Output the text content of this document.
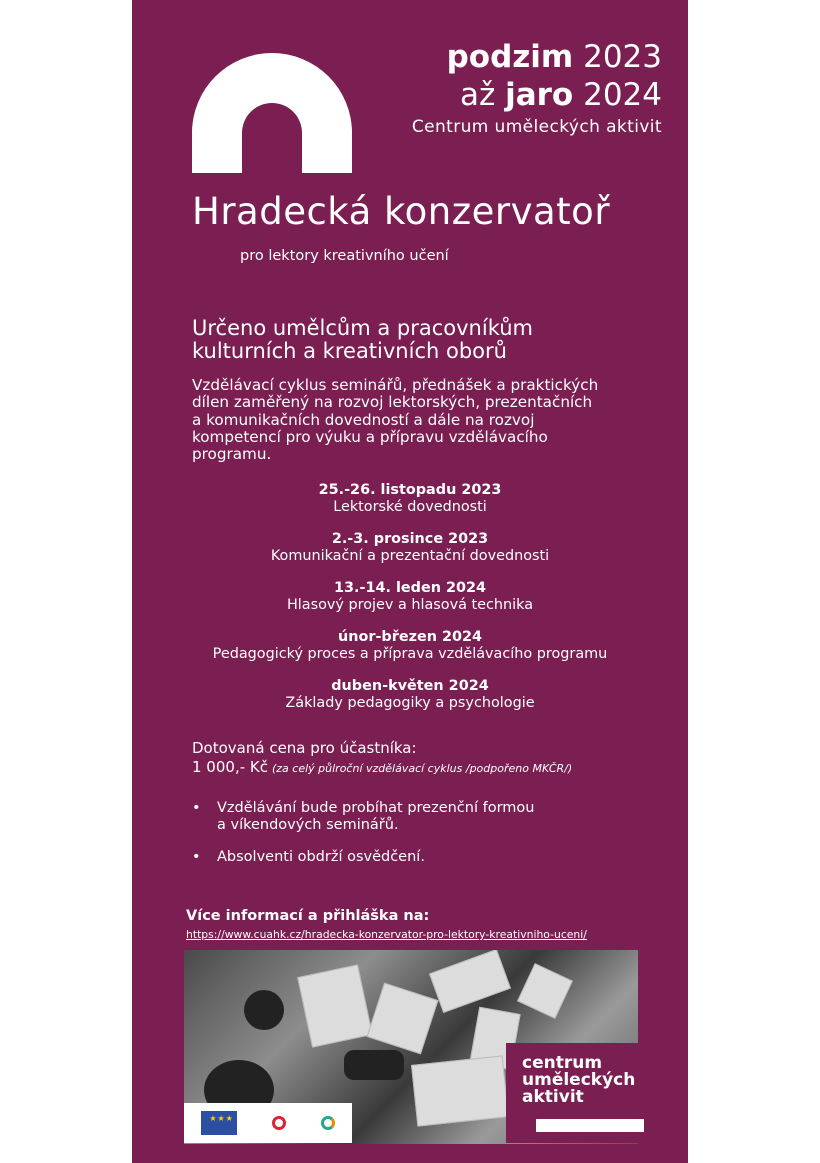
podzim 2023
až jaro 2024
Centrum uměleckých aktivit
Hradecká konzervatoř
pro lektory kreativního učení
Určeno umělcům a pracovníkům
kulturních a kreativních oborů
Vzdělávací cyklus seminářů, přednášek a praktických
dílen zaměřený na rozvoj lektorských, prezentačních
a komunikačních dovedností a dále na rozvoj
kompetencí pro výuku a přípravu vzdělávacího
programu.
25.-26. listopadu 2023
Lektorské dovednosti
2.-3. prosince 2023
Komunikační a prezentační dovednosti
13.-14. leden 2024
Hlasový projev a hlasová technika
únor-březen 2024
Pedagogický proces a příprava vzdělávacího programu
duben-květen 2024
Základy pedagogiky a psychologie
Dotovaná cena pro účastníka:
1 000,- Kč (za celý půlroční vzdělávací cyklus /podpořeno MKČR/)
• Vzdělávání bude probíhat prezenční formou
a víkendových seminářů.
• Absolventi obdrží osvědčení.
Více informací a přihláška na:
https://www.cuahk.cz/hradecka-konzervator-pro-lektory-kreativniho-uceni/
★★★
centrum
uměleckých
aktivit
